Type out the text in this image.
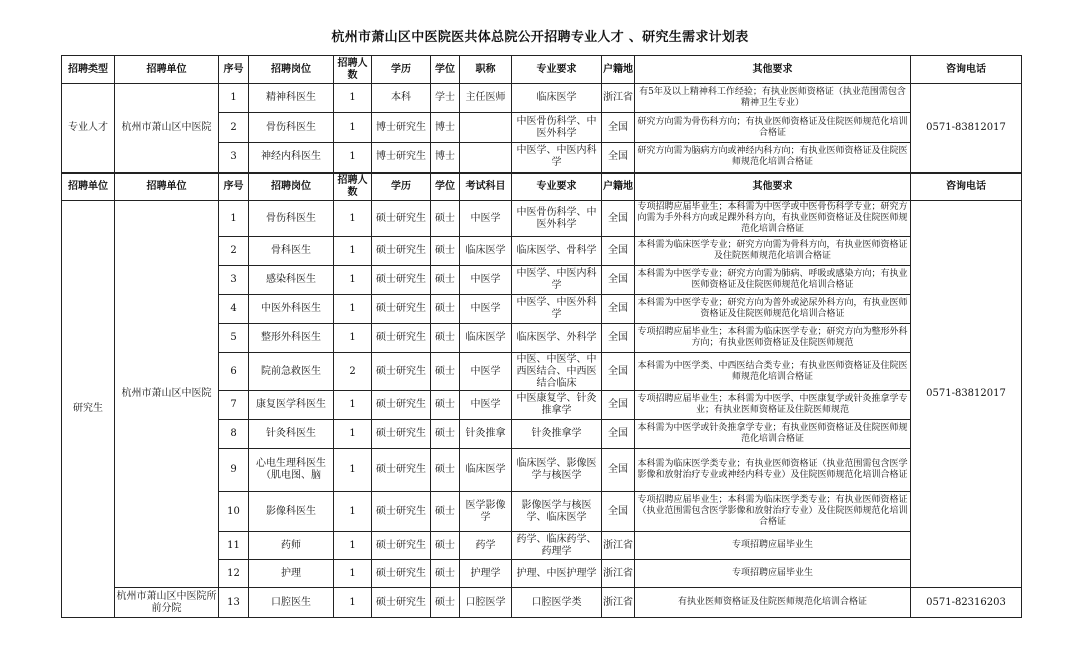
杭州市萧山区中医院医共体总院公开招聘专业人才 、研究生需求计划表
招聘类型	招聘单位	序号	招聘岗位	招聘人数	学历	学位	职称	专业要求	户籍地	其他要求	咨询电话
专业人才	杭州市萧山区中医院	1	精神科医生	1	本科	学士	主任医师	临床医学	浙江省	有5年及以上精神科工作经验；有执业医师资格证（执业范围需包含精神卫生专业）	0571-83812017
		2	骨伤科医生	1	博士研究生	博士		中医骨伤科学、中医外科学	全国	研究方向需为骨伤科方向；有执业医师资格证及住院医师规范化培训合格证	
		3	神经内科医生	1	博士研究生	博士		中医学、中医内科学	全国	研究方向需为脑病方向或神经内科方向；有执业医师资格证及住院医师规范化培训合格证	
招聘单位	招聘单位	序号	招聘岗位	招聘人数	学历	学位	考试科目	专业要求	户籍地	其他要求	咨询电话
研究生	杭州市萧山区中医院	1	骨伤科医生	1	硕士研究生	硕士	中医学	中医骨伤科学、中医外科学	全国	专项招聘应届毕业生；本科需为中医学或中医骨伤科学专业；研究方向需为手外科方向或足踝外科方向，有执业医师资格证及住院医师规范化培训合格证	0571-83812017
		2	骨科医生	1	硕士研究生	硕士	临床医学	临床医学、骨科学	全国	本科需为临床医学专业；研究方向需为骨科方向，有执业医师资格证及住院医师规范化培训合格证	
		3	感染科医生	1	硕士研究生	硕士	中医学	中医学、中医内科学	全国	本科需为中医学专业；研究方向需为肺病、呼吸或感染方向；有执业医师资格证及住院医师规范化培训合格证	
		4	中医外科医生	1	硕士研究生	硕士	中医学	中医学、中医外科学	全国	本科需为中医学专业；研究方向为普外或泌尿外科方向，有执业医师资格证及住院医师规范化培训合格证	
		5	整形外科医生	1	硕士研究生	硕士	临床医学	临床医学、外科学	全国	专项招聘应届毕业生；本科需为临床医学专业；研究方向为整形外科方向；有执业医师资格证及住院医师规范	
		6	院前急救医生	2	硕士研究生	硕士	中医学	中医、中医学、中西医结合、中西医结合临床	全国	本科需为中医学类、中西医结合类专业；有执业医师资格证及住院医师规范化培训合格证	
		7	康复医学科医生	1	硕士研究生	硕士	中医学	中医康复学、针灸推拿学	全国	专项招聘应届毕业生；本科需为中医学、中医康复学或针灸推拿学专业；有执业医师资格证及住院医师规范	
		8	针灸科医生	1	硕士研究生	硕士	针灸推拿	针灸推拿学	全国	本科需为中医学或针灸推拿学专业；有执业医师资格证及住院医师规范化培训合格证	
		9	心电生理科医生（肌电图、脑	1	硕士研究生	硕士	临床医学	临床医学、影像医学与核医学	全国	本科需为临床医学类专业；有执业医师资格证（执业范围需包含医学影像和放射治疗专业或神经内科专业）及住院医师规范化培训合格证	
		10	影像科医生	1	硕士研究生	硕士	医学影像学	影像医学与核医学、临床医学	全国	专项招聘应届毕业生；本科需为临床医学类专业；有执业医师资格证（执业范围需包含医学影像和放射治疗专业）及住院医师规范化培训合格证	
		11	药师	1	硕士研究生	硕士	药学	药学、临床药学、药理学	浙江省	专项招聘应届毕业生	
		12	护理	1	硕士研究生	硕士	护理学	护理、中医护理学	浙江省	专项招聘应届毕业生	
	杭州市萧山区中医院所前分院	13	口腔医生	1	硕士研究生	硕士	口腔医学	口腔医学类	浙江省	有执业医师资格证及住院医师规范化培训合格证	0571-82316203
